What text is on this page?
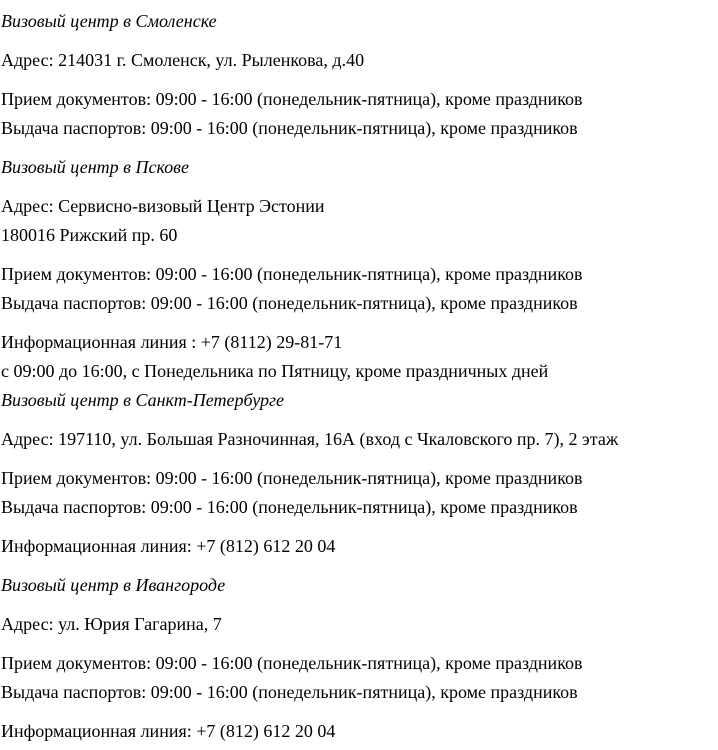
Визовый центр в Смоленске
Адрес: 214031 г. Смоленск, ул. Рыленкова, д.40
Прием документов: 09:00 - 16:00 (понедельник-пятница), кроме праздников
Выдача паспортов: 09:00 - 16:00 (понедельник-пятница), кроме праздников
Визовый центр в Пскове
Адрес: Сервисно-визовый Центр Эстонии
180016 Рижский пр. 60
Прием документов: 09:00 - 16:00 (понедельник-пятница), кроме праздников
Выдача паспортов: 09:00 - 16:00 (понедельник-пятница), кроме праздников
Информационная линия : +7 (8112) 29-81-71
с 09:00 до 16:00, с Понедельника по Пятницу, кроме праздничных дней
Визовый центр в Санкт-Петербурге
Адрес: 197110, ул. Большая Разночинная, 16А (вход с Чкаловского пр. 7), 2 этаж
Прием документов: 09:00 - 16:00 (понедельник-пятница), кроме праздников
Выдача паспортов: 09:00 - 16:00 (понедельник-пятница), кроме праздников
Информационная линия: +7 (812) 612 20 04
Визовый центр в Ивангороде
Адрес: ул. Юрия Гагарина, 7
Прием документов: 09:00 - 16:00 (понедельник-пятница), кроме праздников
Выдача паспортов: 09:00 - 16:00 (понедельник-пятница), кроме праздников
Информационная линия: +7 (812) 612 20 04
